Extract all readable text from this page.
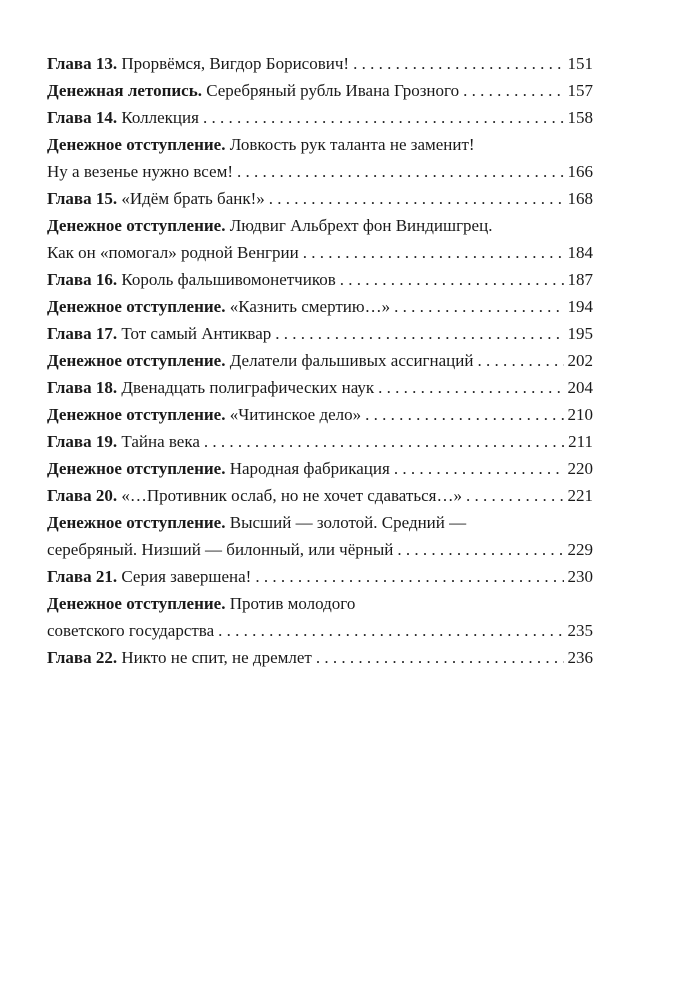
Глава 13. Прорвёмся, Вигдор Борисович! . . .	151
Денежная летопись. Серебряный рубль Ивана Грозного . . .	157
Глава 14. Коллекция . . .	158
Денежное отступление. Ловкость рук таланта не заменит!
Ну а везенье нужно всем! . . .	166
Глава 15. «Идём брать банк!» . . .	168
Денежное отступление. Людвиг Альбрехт фон Виндишгрец.
Как он «помогал» родной Венгрии . . .	184
Глава 16. Король фальшивомонетчиков . . .	187
Денежное отступление. «Казнить смертию…» . . .	194
Глава 17. Тот самый Антиквар . . .	195
Денежное отступление. Делатели фальшивых ассигнаций . . .	202
Глава 18. Двенадцать полиграфических наук . . .	204
Денежное отступление. «Читинское дело» . . .	210
Глава 19. Тайна века . . .	211
Денежное отступление. Народная фабрикация . . .	220
Глава 20. «…Противник ослаб, но не хочет сдаваться…» . . .	221
Денежное отступление. Высший — золотой. Средний —
серебряный. Низший — билонный, или чёрный . . .	229
Глава 21. Серия завершена! . . .	230
Денежное отступление. Против молодого
советского государства . . .	235
Глава 22. Никто не спит, не дремлет . . .	236
